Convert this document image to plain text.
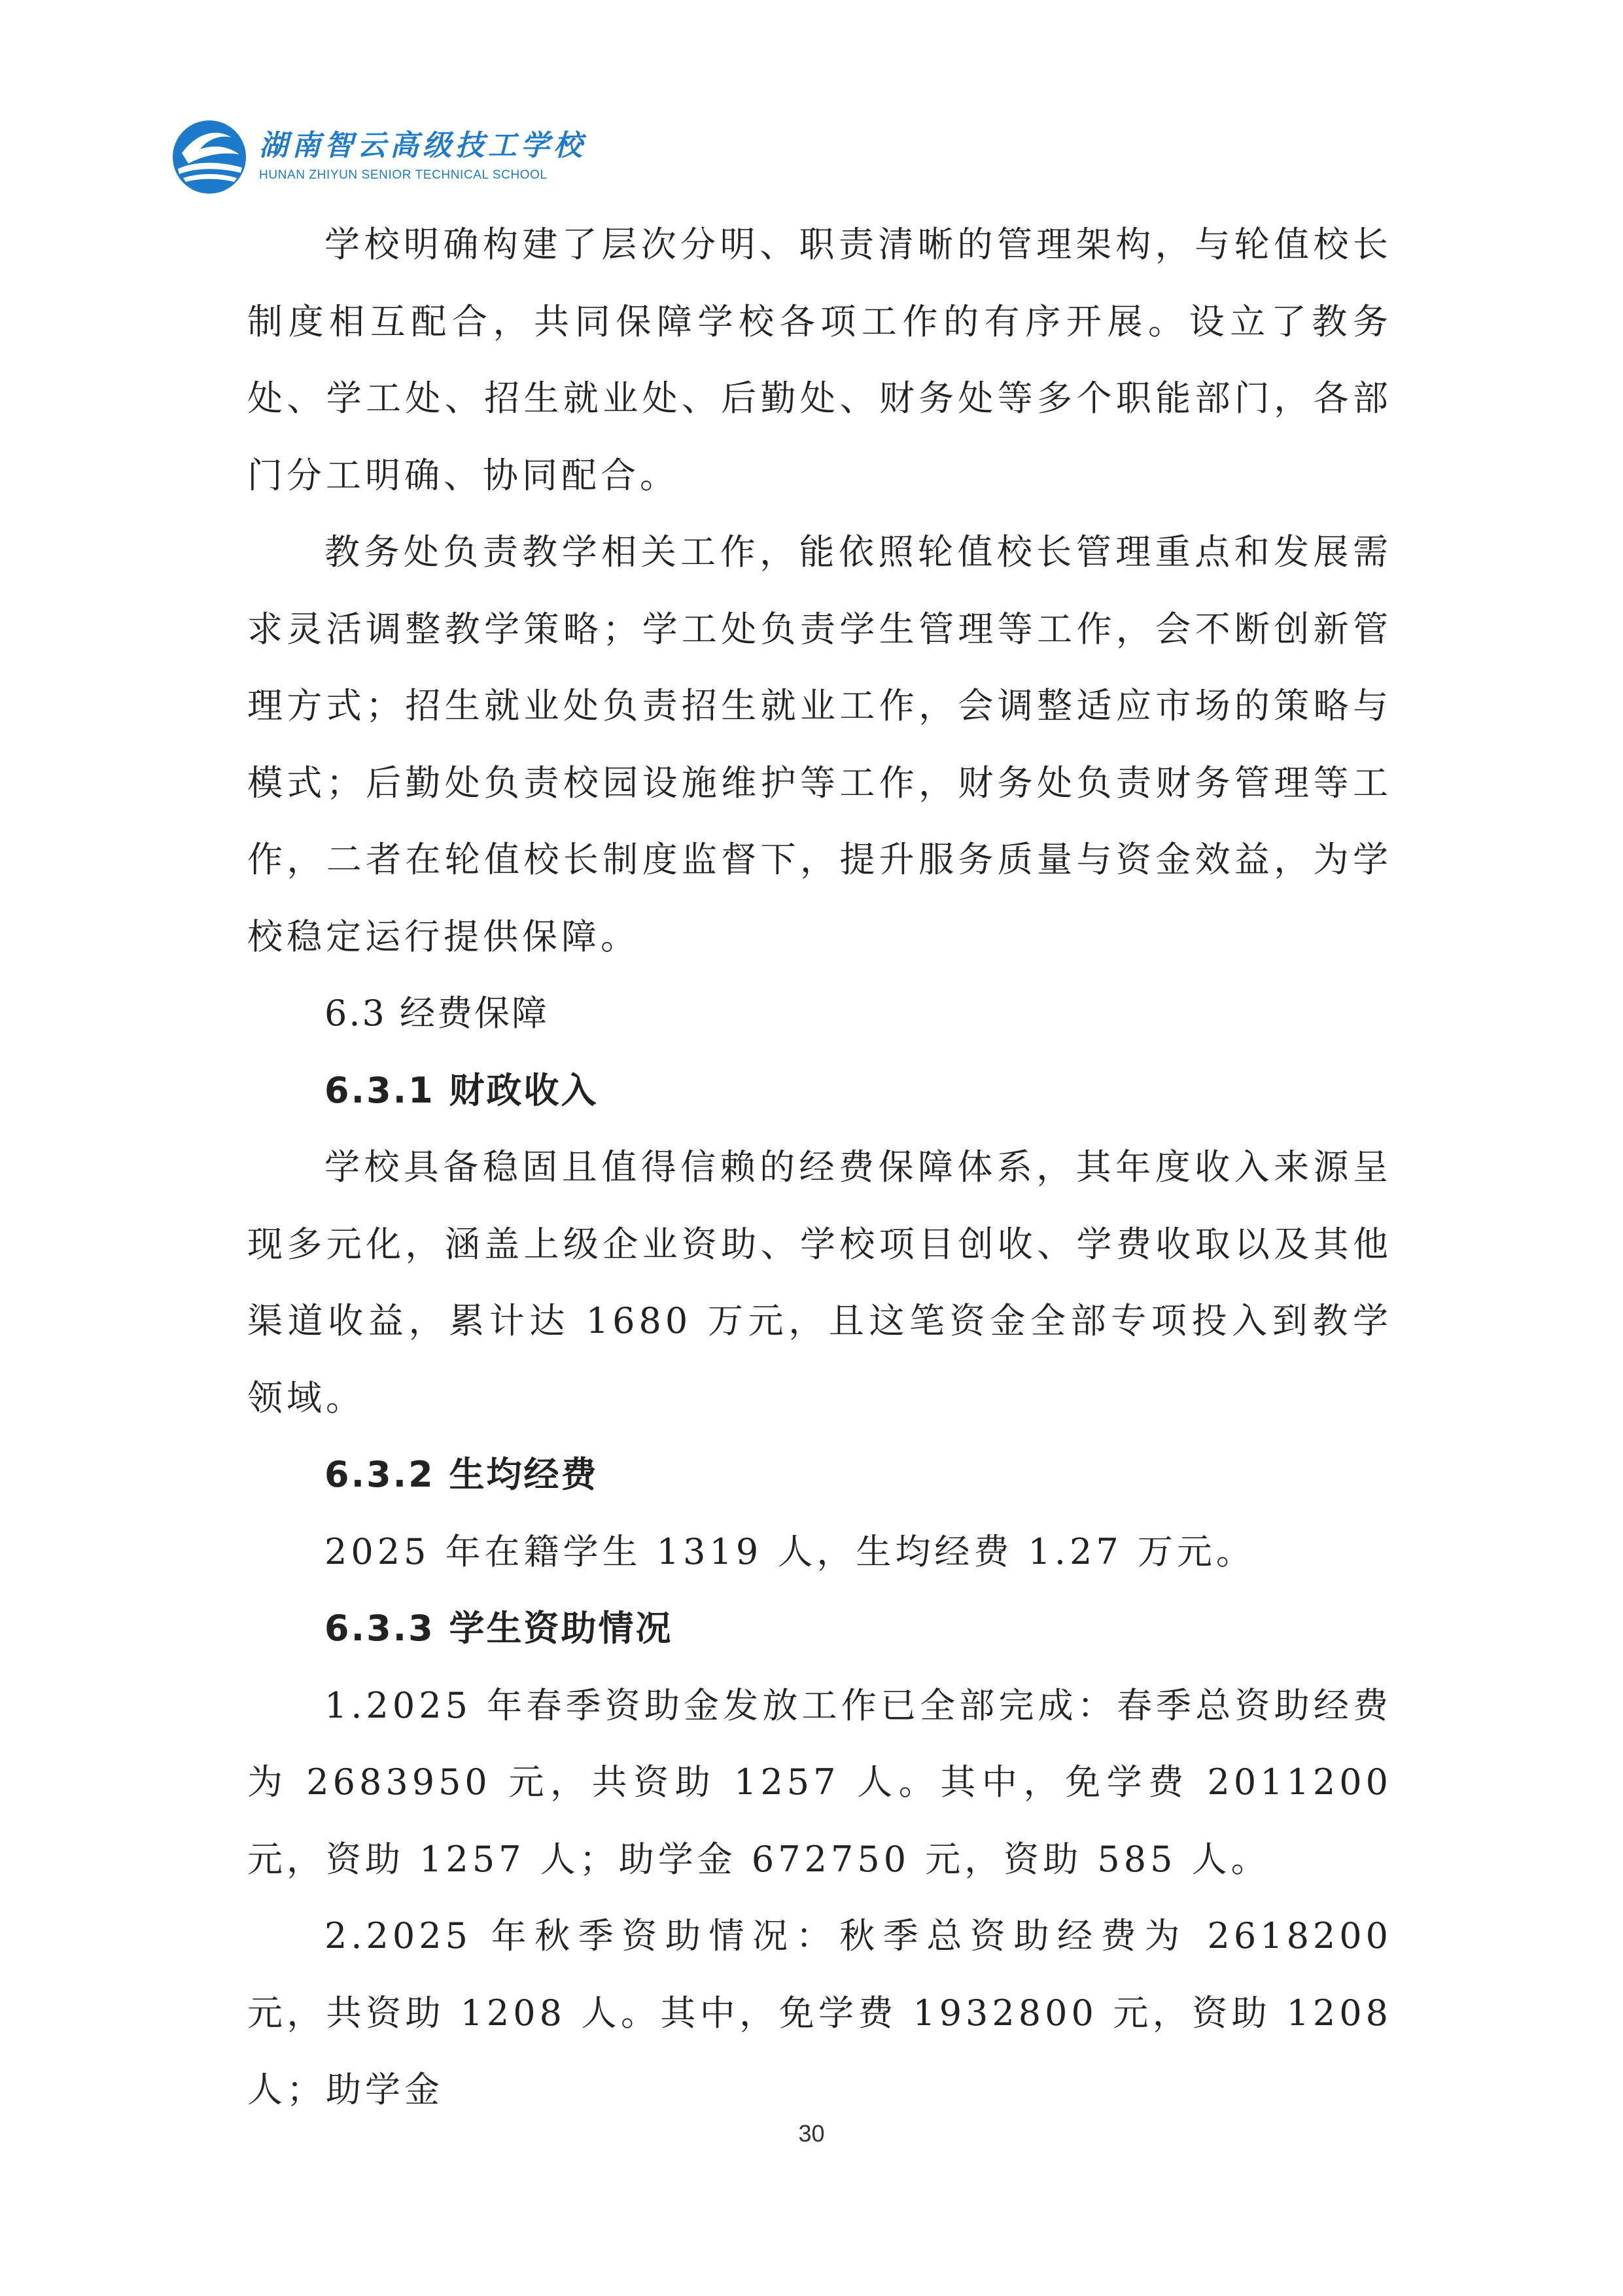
湖南智云高级技工学校
HUNAN ZHIYUN SENIOR TECHNICAL SCHOOL

学校明确构建了层次分明、职责清晰的管理架构，与轮值校长制度相互配合，共同保障学校各项工作的有序开展。设立了教务处、学工处、招生就业处、后勤处、财务处等多个职能部门，各部门分工明确、协同配合。

教务处负责教学相关工作，能依照轮值校长管理重点和发展需求灵活调整教学策略；学工处负责学生管理等工作，会不断创新管理方式；招生就业处负责招生就业工作，会调整适应市场的策略与模式；后勤处负责校园设施维护等工作，财务处负责财务管理等工作，二者在轮值校长制度监督下，提升服务质量与资金效益，为学校稳定运行提供保障。

6.3 经费保障

6.3.1 财政收入

学校具备稳固且值得信赖的经费保障体系，其年度收入来源呈现多元化，涵盖上级企业资助、学校项目创收、学费收取以及其他渠道收益，累计达 1680 万元，且这笔资金全部专项投入到教学领域。

6.3.2 生均经费

2025 年在籍学生 1319 人，生均经费 1.27 万元。

6.3.3 学生资助情况

1.2025 年春季资助金发放工作已全部完成：春季总资助经费为 2683950 元，共资助 1257 人。其中，免学费 2011200 元，资助 1257 人；助学金 672750 元，资助 585 人。

2.2025 年秋季资助情况：秋季总资助经费为 2618200 元，共资助 1208 人。其中，免学费 1932800 元，资助 1208 人；助学金

30
